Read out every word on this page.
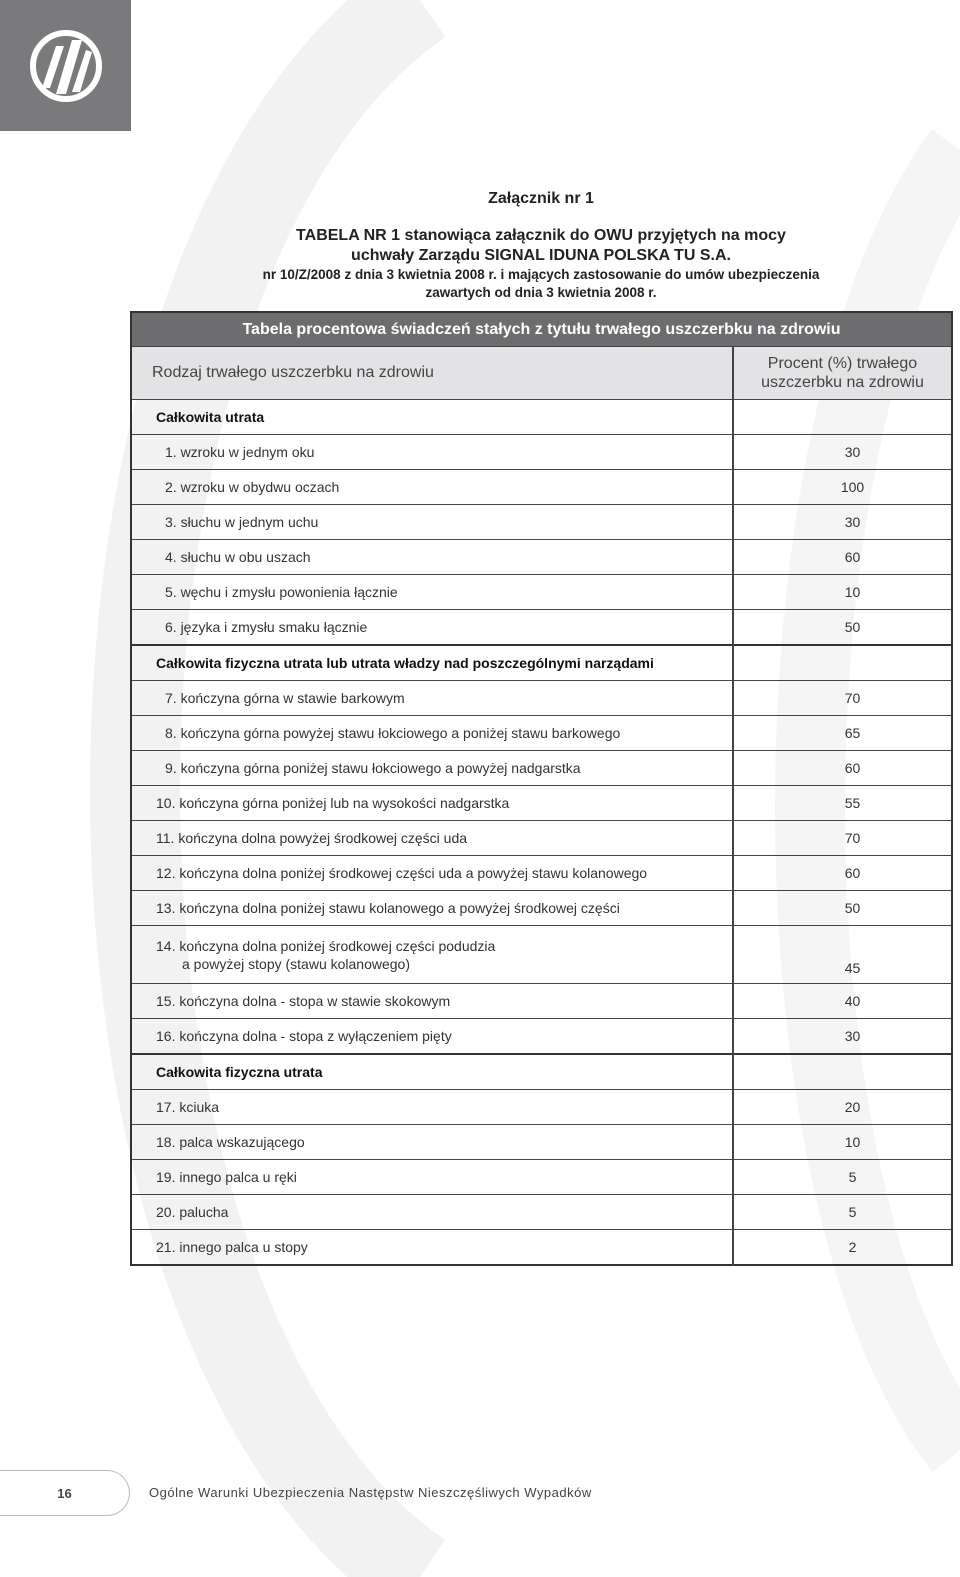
Załącznik nr 1

TABELA NR 1 stanowiąca załącznik do OWU przyjętych na mocy

uchwały Zarządu SIGNAL IDUNA POLSKA TU S.A.

nr 10/Z/2008 z dnia 3 kwietnia 2008 r. i mających zastosowanie do umów ubezpieczenia

zawartych od dnia 3 kwietnia 2008 r.

Tabela procentowa świadczeń stałych z tytułu trwałego uszczerbku na zdrowiu	
Rodzaj trwałego uszczerbku na zdrowiu	Procent (%) trwałego
uszczerbku na zdrowiu

Całkowita utrata	
1. wzroku w jednym oku	30
2. wzroku w obydwu oczach	100
3. słuchu w jednym uchu	30
4. słuchu w obu uszach	60
5. węchu i zmysłu powonienia łącznie	10
6. języka i zmysłu smaku łącznie	50
Całkowita fizyczna utrata lub utrata władzy nad poszczególnymi narządami	
7. kończyna górna w stawie barkowym	70
8. kończyna górna powyżej stawu łokciowego a poniżej stawu barkowego	65
9. kończyna górna poniżej stawu łokciowego a powyżej nadgarstka	60
10. kończyna górna poniżej lub na wysokości nadgarstka	55
11. kończyna dolna powyżej środkowej części uda	70
12. kończyna dolna poniżej środkowej części uda a powyżej stawu kolanowego	60
13. kończyna dolna poniżej stawu kolanowego a powyżej środkowej części	50

14. kończyna dolna poniżej środkowej części podudzia
a powyżej stopy (stawu kolanowego)	45
15. kończyna dolna - stopa w stawie skokowym	40
16. kończyna dolna - stopa z wyłączeniem pięty	30
Całkowita fizyczna utrata	
17. kciuka	20
18. palca wskazującego	10
19. innego palca u ręki	5
20. palucha	5
21. innego palca u stopy	2
16	Ogólne Warunki Ubezpieczenia Następstw Nieszczęśliwych Wypadków
